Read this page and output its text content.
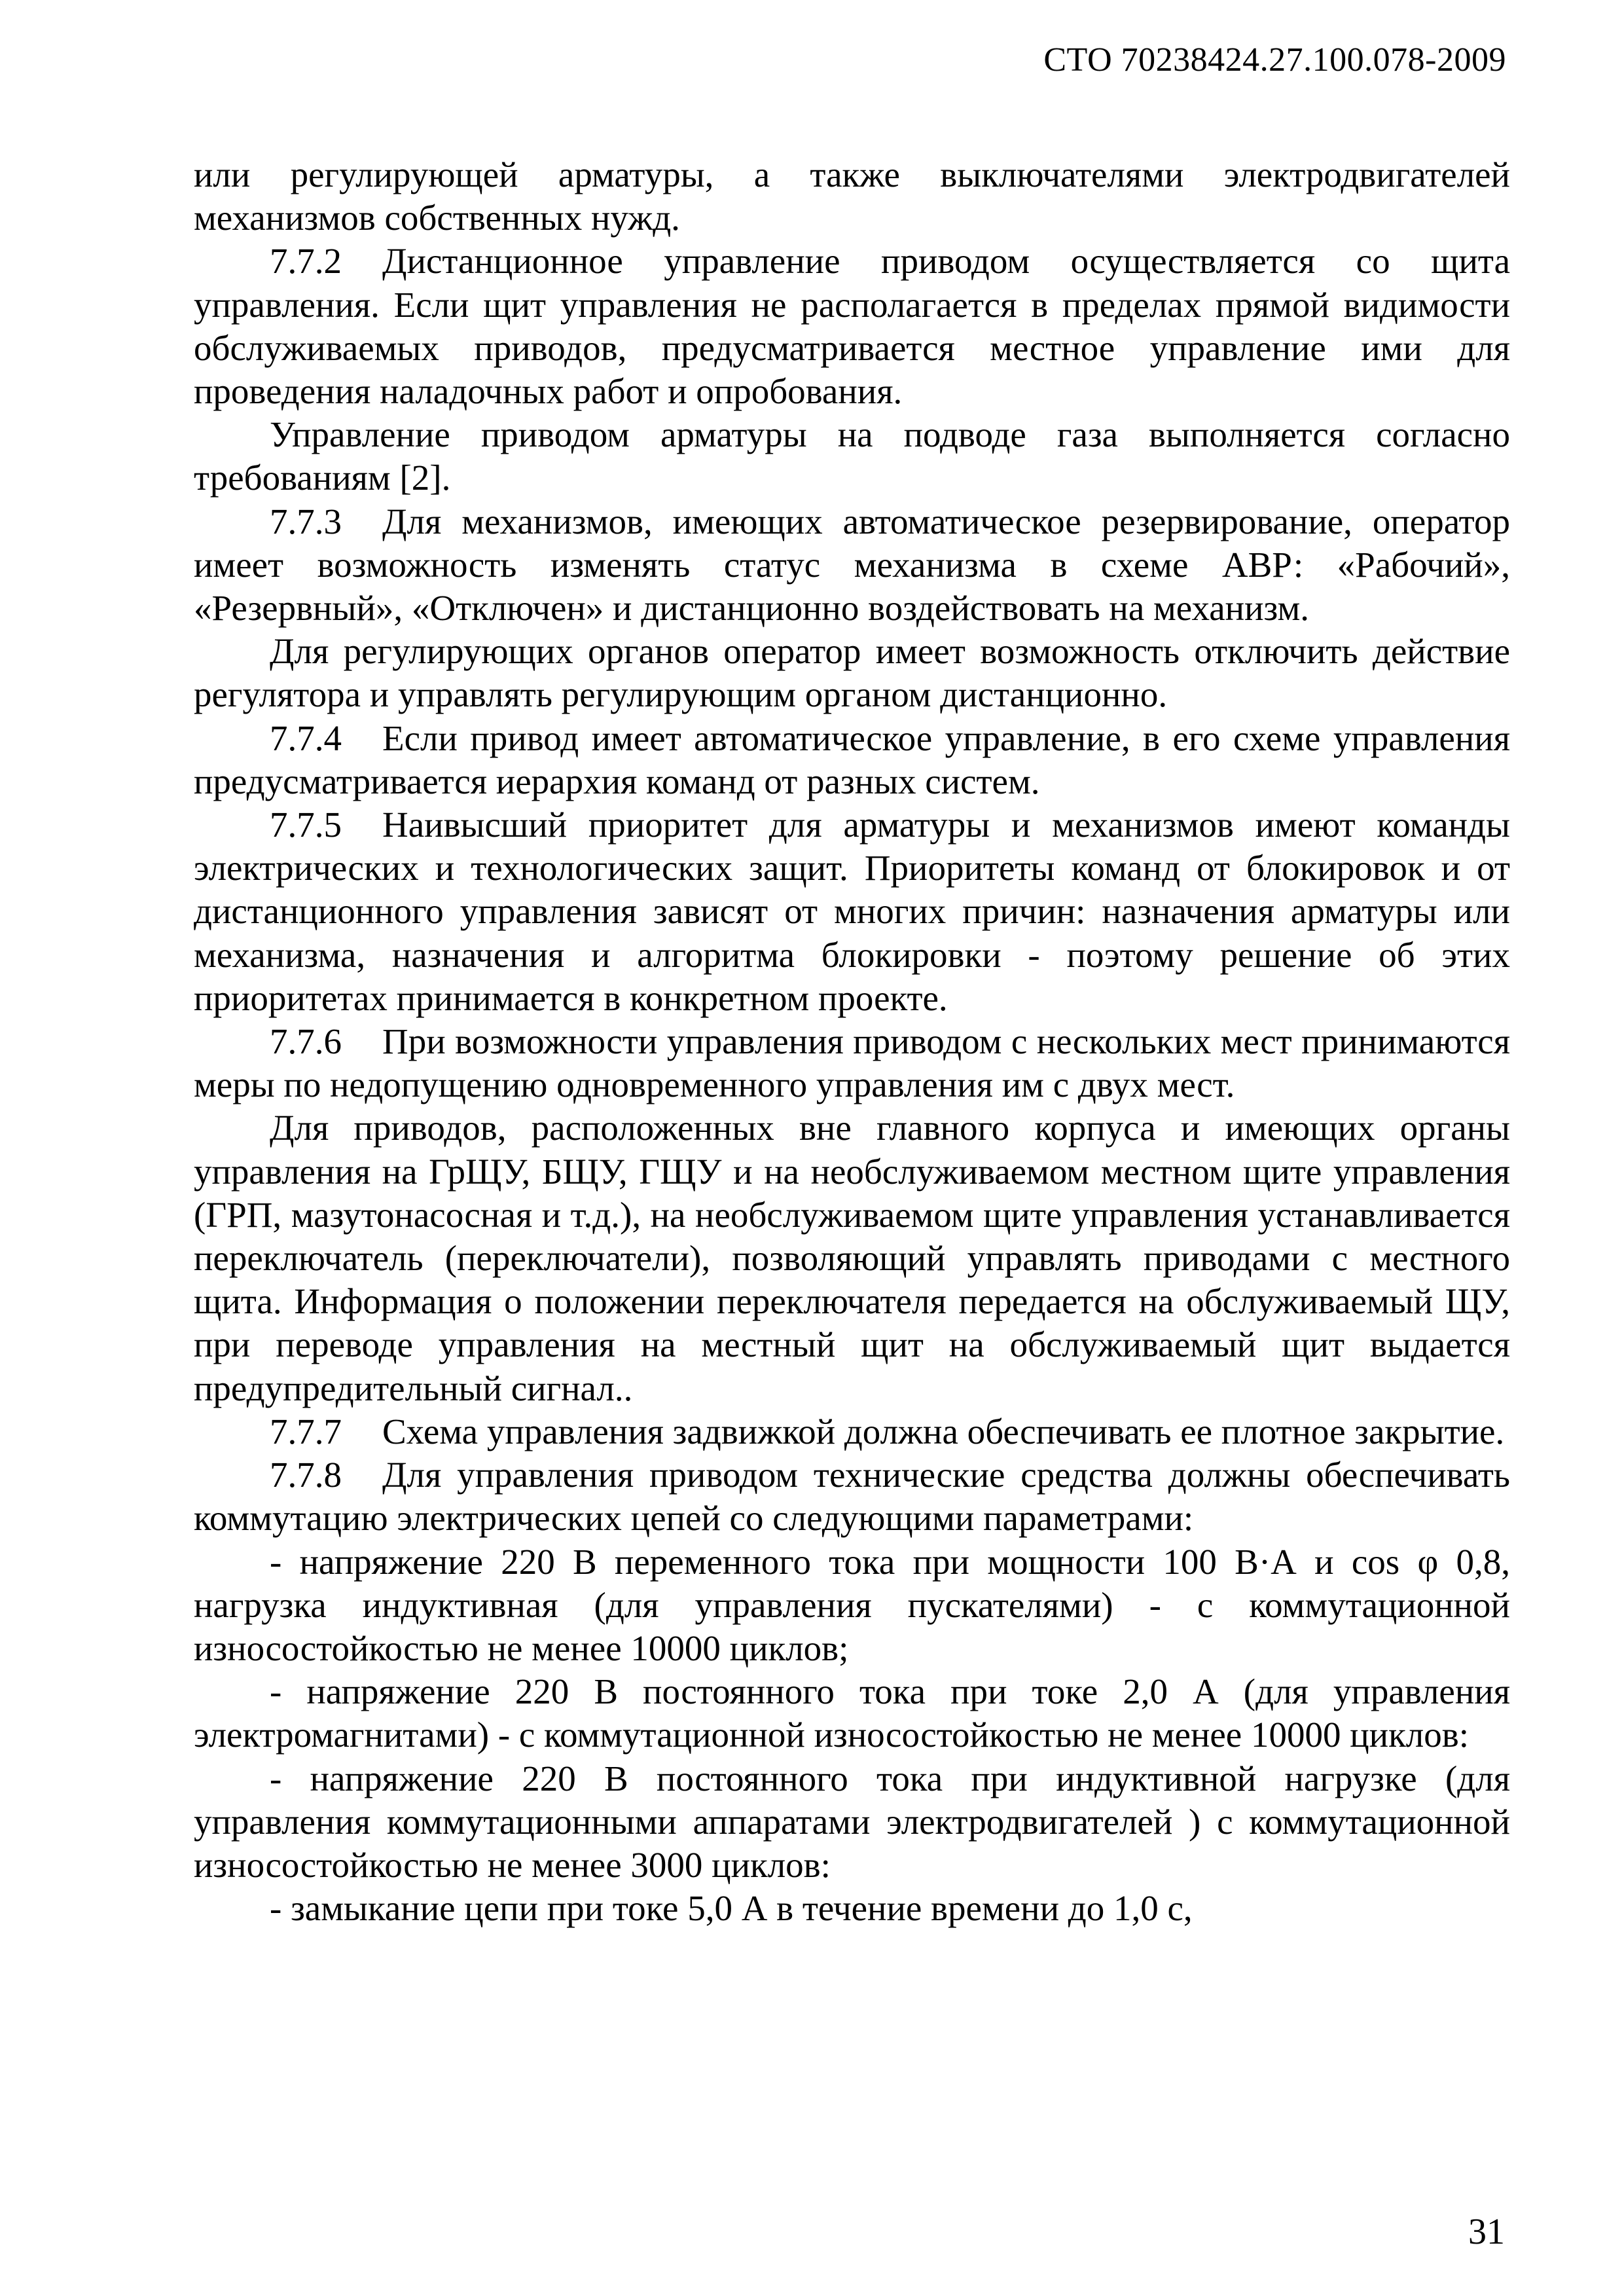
СТО 70238424.27.100.078-2009

или регулирующей арматуры, а также выключателями электродвигателей механизмов собственных нужд.

7.7.2 Дистанционное управление приводом осуществляется со щита управления. Если щит управления не располагается в пределах прямой видимости обслуживаемых приводов, предусматривается местное управление ими для проведения наладочных работ и опробования.

Управление приводом арматуры на подводе газа выполняется согласно требованиям [2].

7.7.3 Для механизмов, имеющих автоматическое резервирование, оператор имеет возможность изменять статус механизма в схеме АВР: «Рабочий», «Резервный», «Отключен» и дистанционно воздействовать на механизм.

Для регулирующих органов оператор имеет возможность отключить действие регулятора и управлять регулирующим органом дистанционно.

7.7.4 Если привод имеет автоматическое управление, в его схеме управления предусматривается иерархия команд от разных систем.

7.7.5 Наивысший приоритет для арматуры и механизмов имеют команды электрических и технологических защит. Приоритеты команд от блокировок и от дистанционного управления зависят от многих причин: назначения арматуры или механизма, назначения и алгоритма блокировки - поэтому решение об этих приоритетах принимается в конкретном проекте.

7.7.6 При возможности управления приводом с нескольких мест принимаются меры по недопущению одновременного управления им с двух мест.

Для приводов, расположенных вне главного корпуса и имеющих органы управления на ГрЩУ, БЩУ, ГЩУ и на необслуживаемом местном щите управления (ГРП, мазутонасосная и т.д.), на необслуживаемом щите управления устанавливается переключатель (переключатели), позволяющий управлять приводами с местного щита. Информация о положении переключателя передается на обслуживаемый ЩУ, при переводе управления на местный щит на обслуживаемый щит выдается предупредительный сигнал..

7.7.7 Схема управления задвижкой должна обеспечивать ее плотное закрытие.

7.7.8 Для управления приводом технические средства должны обеспечивать коммутацию электрических цепей со следующими параметрами:

- напряжение 220 В переменного тока при мощности 100 В·А и cos φ 0,8, нагрузка индуктивная (для управления пускателями) - с коммутационной износостойкостью не менее 10000 циклов;

- напряжение 220 В постоянного тока при токе 2,0 А (для управления электромагнитами) - с коммутационной износостойкостью не менее 10000 циклов:

- напряжение 220 В постоянного тока при индуктивной нагрузке (для управления коммутационными аппаратами электродвигателей ) с коммутационной износостойкостью не менее 3000 циклов:

- замыкание цепи при токе 5,0 А в течение времени до 1,0 с,

31
